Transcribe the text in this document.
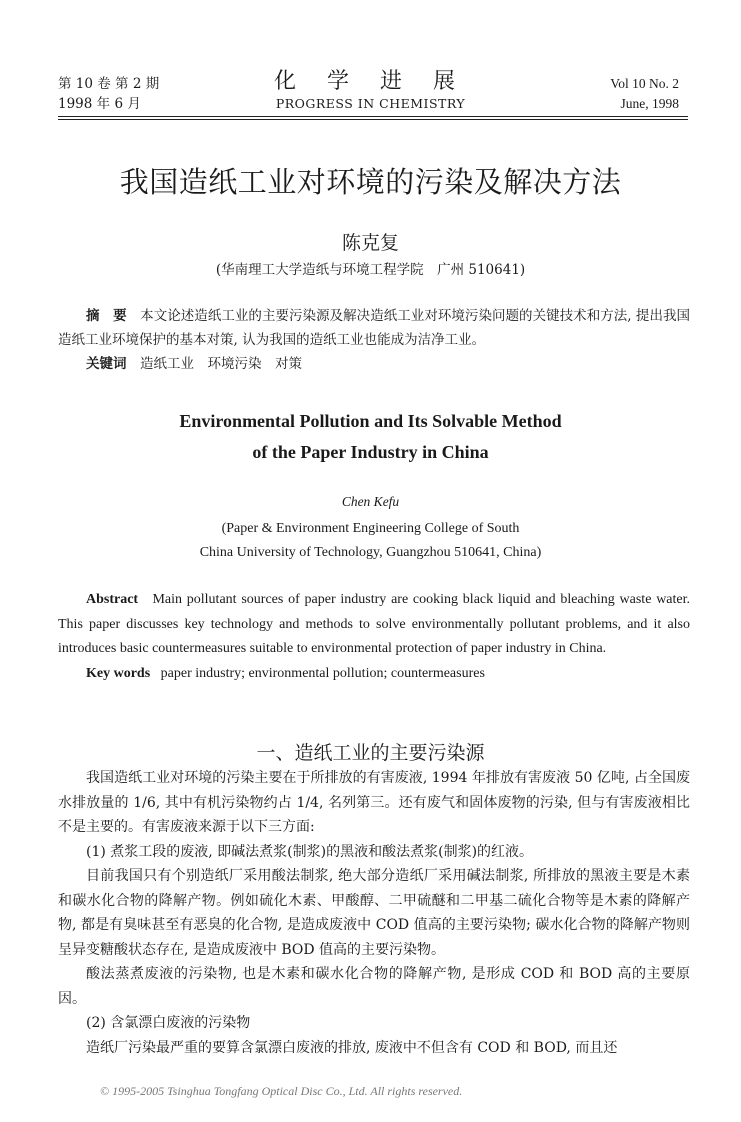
第 10 卷 第 2 期
1998 年 6 月
化 学 进 展
PROGRESS IN CHEMISTRY
Vol 10 No. 2
June, 1998
我国造纸工业对环境的污染及解决方法
陈克复
(华南理工大学造纸与环境工程学院　广州 510641)

摘　要　 本文论述造纸工业的主要污染源及解决造纸工业对环境污染问题的关键技术和方法, 提出我国造纸工业环境保护的基本对策, 认为我国的造纸工业也能成为洁净工业。

关键词　 造纸工业　环境污染　对策

Environmental Pollution and Its Solvable Method
of the Paper Industry in China
Chen Kefu
(Paper & Environment Engineering College of South
China University of Technology, Guangzhou 510641, China)

Abstract Main pollutant sources of paper industry are cooking black liquid and bleaching waste water. This paper discusses key technology and methods to solve environmentally pollutant problems, and it also introduces basic countermeasures suitable to environmental protection of paper industry in China.

Key words paper industry; environmental pollution; countermeasures

一、造纸工业的主要污染源

我国造纸工业对环境的污染主要在于所排放的有害废液, 1994 年排放有害废液 50 亿吨, 占全国废水排放量的 1/6, 其中有机污染物约占 1/4, 名列第三。还有废气和固体废物的污染, 但与有害废液相比不是主要的。有害废液来源于以下三方面:

(1) 煮浆工段的废液, 即碱法煮浆(制浆)的黑液和酸法煮浆(制浆)的红液。

目前我国只有个别造纸厂采用酸法制浆, 绝大部分造纸厂采用碱法制浆, 所排放的黑液主要是木素和碳水化合物的降解产物。例如硫化木素、甲酸醇、二甲硫醚和二甲基二硫化合物等是木素的降解产物, 都是有臭味甚至有恶臭的化合物, 是造成废液中 COD 值高的主要污染物; 碳水化合物的降解产物则呈异变糖酸状态存在, 是造成废液中 BOD 值高的主要污染物。

酸法蒸煮废液的污染物, 也是木素和碳水化合物的降解产物, 是形成 COD 和 BOD 高的主要原因。

(2) 含氯漂白废液的污染物

造纸厂污染最严重的要算含氯漂白废液的排放, 废液中不但含有 COD 和 BOD, 而且还

© 1995-2005 Tsinghua Tongfang Optical Disc Co., Ltd. All rights reserved.
